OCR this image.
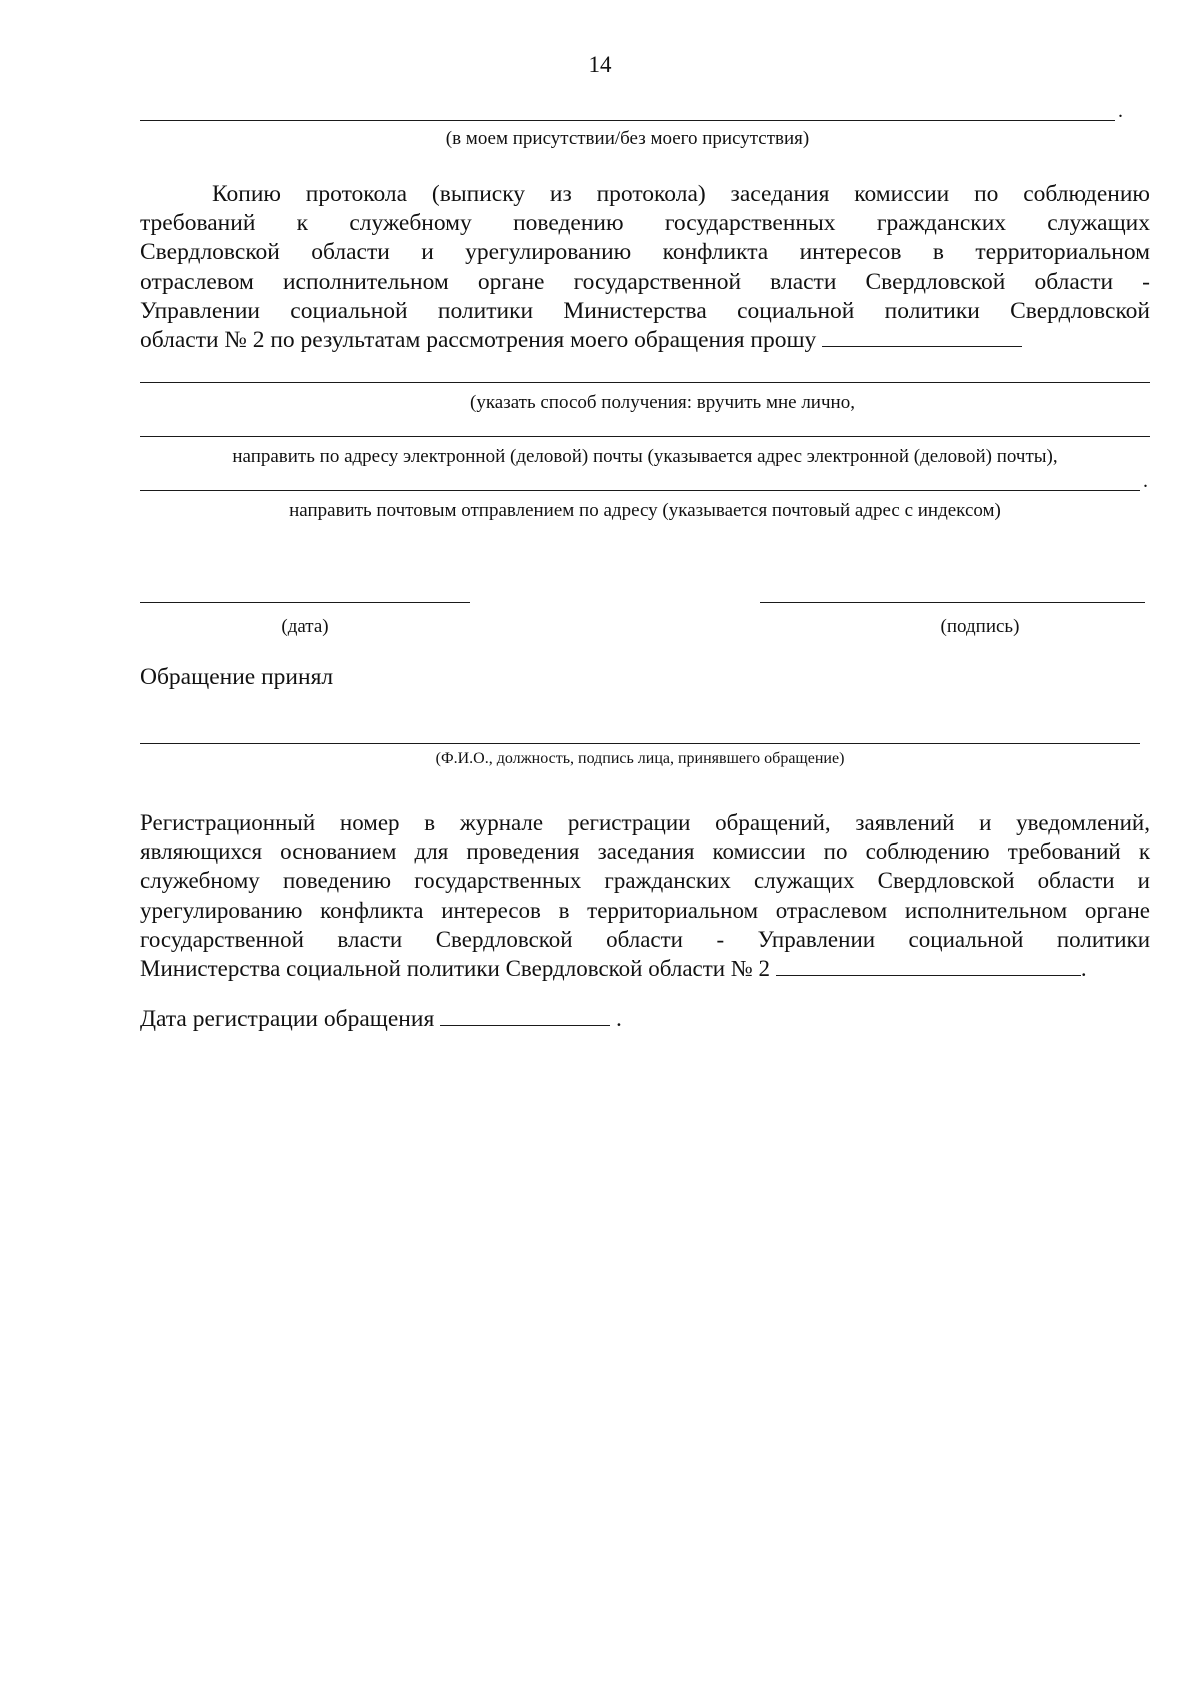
14
.
(в моем присутствии/без моего присутствия)
Копию протокола (выписку из протокола) заседания комиссии по соблюдению
требований к служебному поведению государственных гражданских служащих
Свердловской области и урегулированию конфликта интересов в территориальном
отраслевом исполнительном органе государственной власти Свердловской области -
Управлении социальной политики Министерства социальной политики Свердловской
области № 2 по результатам рассмотрения моего обращения прошу
(указать способ получения: вручить мне лично,
направить по адресу электронной (деловой) почты (указывается адрес электронной (деловой) почты),
.
направить почтовым отправлением по адресу (указывается почтовый адрес с индексом)
(дата)	(подпись)
Обращение принял
(Ф.И.О., должность, подпись лица, принявшего обращение)
Регистрационный номер в журнале регистрации обращений, заявлений и уведомлений,
являющихся основанием для проведения заседания комиссии по соблюдению требований к
служебному поведению государственных гражданских служащих Свердловской области и
урегулированию конфликта интересов в территориальном отраслевом исполнительном органе
государственной власти Свердловской области - Управлении социальной политики
Министерства социальной политики Свердловской области № 2	.
Дата регистрации обращения	.
